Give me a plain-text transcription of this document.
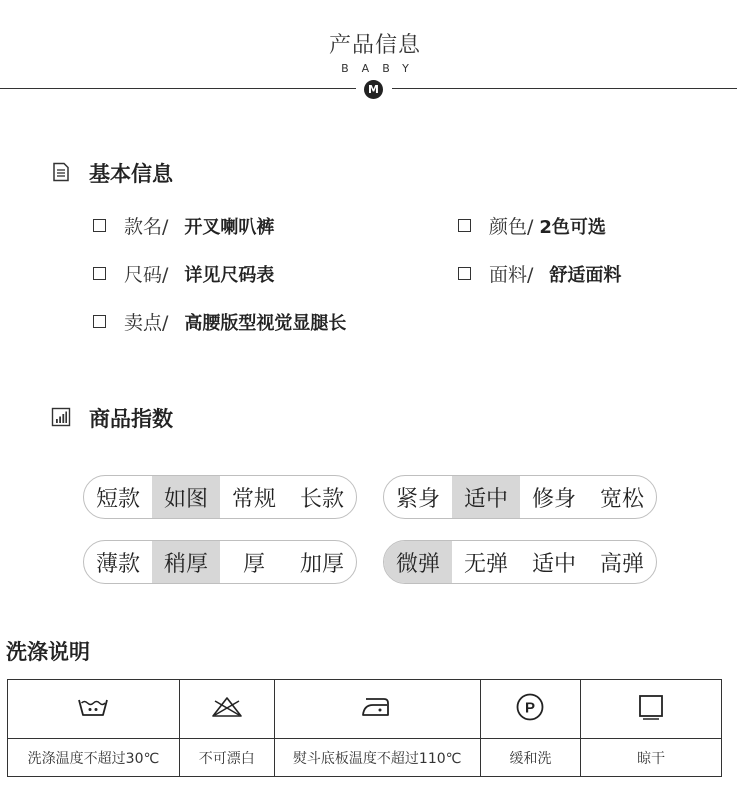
产品信息
BABY
M
基本信息
款名/ 开叉喇叭裤	颜色/ 2色可选
尺码/ 详见尺码表	面料/ 舒适面料
卖点/ 高腰版型视觉显腿长
商品指数
短款	如图	常规	长款	紧身	适中	修身	宽松
薄款	稍厚	厚	加厚	微弹	无弹	适中	高弹
洗涤说明

P

洗涤温度不超过30℃	不可漂白	熨斗底板温度不超过110℃	缓和洗	晾干
